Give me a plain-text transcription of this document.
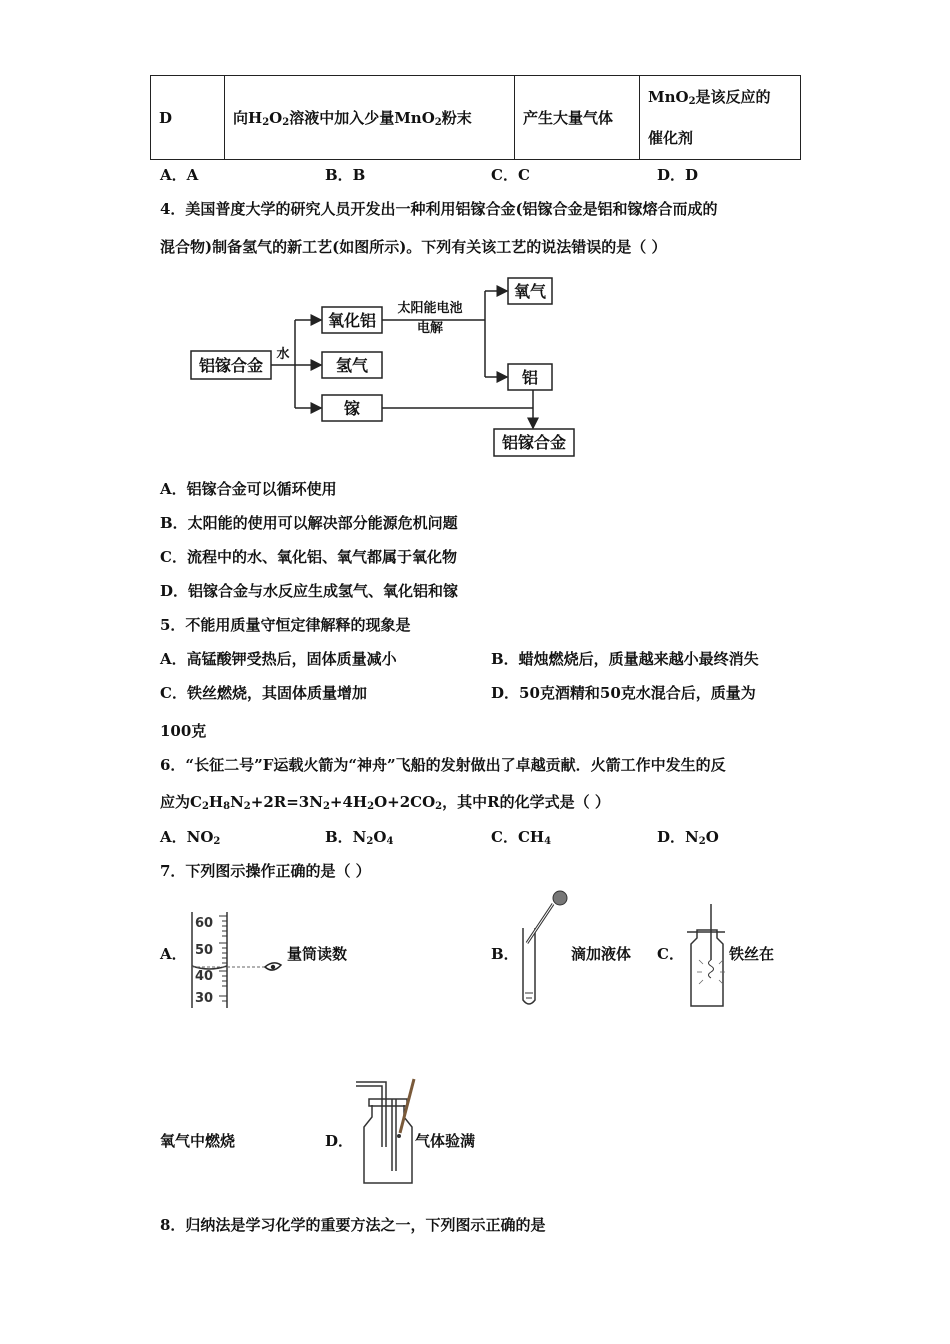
D	向$H_2O_2$溶液中加入少量MnO$_2$粉末	产生大量气体	MnO$_2$是该反应的
催化剂
A．A	B．B	C．C	D．D
4．美国普度大学的研究人员开发出一种利用铝镓合金(铝镓合金是铝和镓熔合而成的
混合物)制备氢气的新工艺(如图所示)。下列有关该工艺的说法错误的是（ ）
铝镓合金
水
氧化铝
氢气
镓
太阳能电池
电解
氧气
铝
铝镓合金
A．铝镓合金可以循环使用
B．太阳能的使用可以解决部分能源危机问题
C．流程中的水、氧化铝、氧气都属于氧化物
D．铝镓合金与水反应生成氢气、氧化铝和镓
5．不能用质量守恒定律解释的现象是
A．高锰酸钾受热后，固体质量减小	B．蜡烛燃烧后，质量越来越小最终消失
C．铁丝燃烧，其固体质量增加	D．50克酒精和50克水混合后，质量为
100克
6．“长征二号”F运载火箭为“神舟”飞船的发射做出了卓越贡献．火箭工作中发生的反
应为$C_2H_8N_2+2R=3N_2+4H_2O+2CO_2$，其中R的化学式是（ ）
A．$NO_2$	B．$N_2O_4$	C．$CH_4$	D．$N_2O$
7．下列图示操作正确的是（ ）
A．
60
50
40
30
量筒读数	B．	滴加液体 C．	铁丝在
氧气中燃烧	D．	气体验满
8．归纳法是学习化学的重要方法之一，下列图示正确的是
